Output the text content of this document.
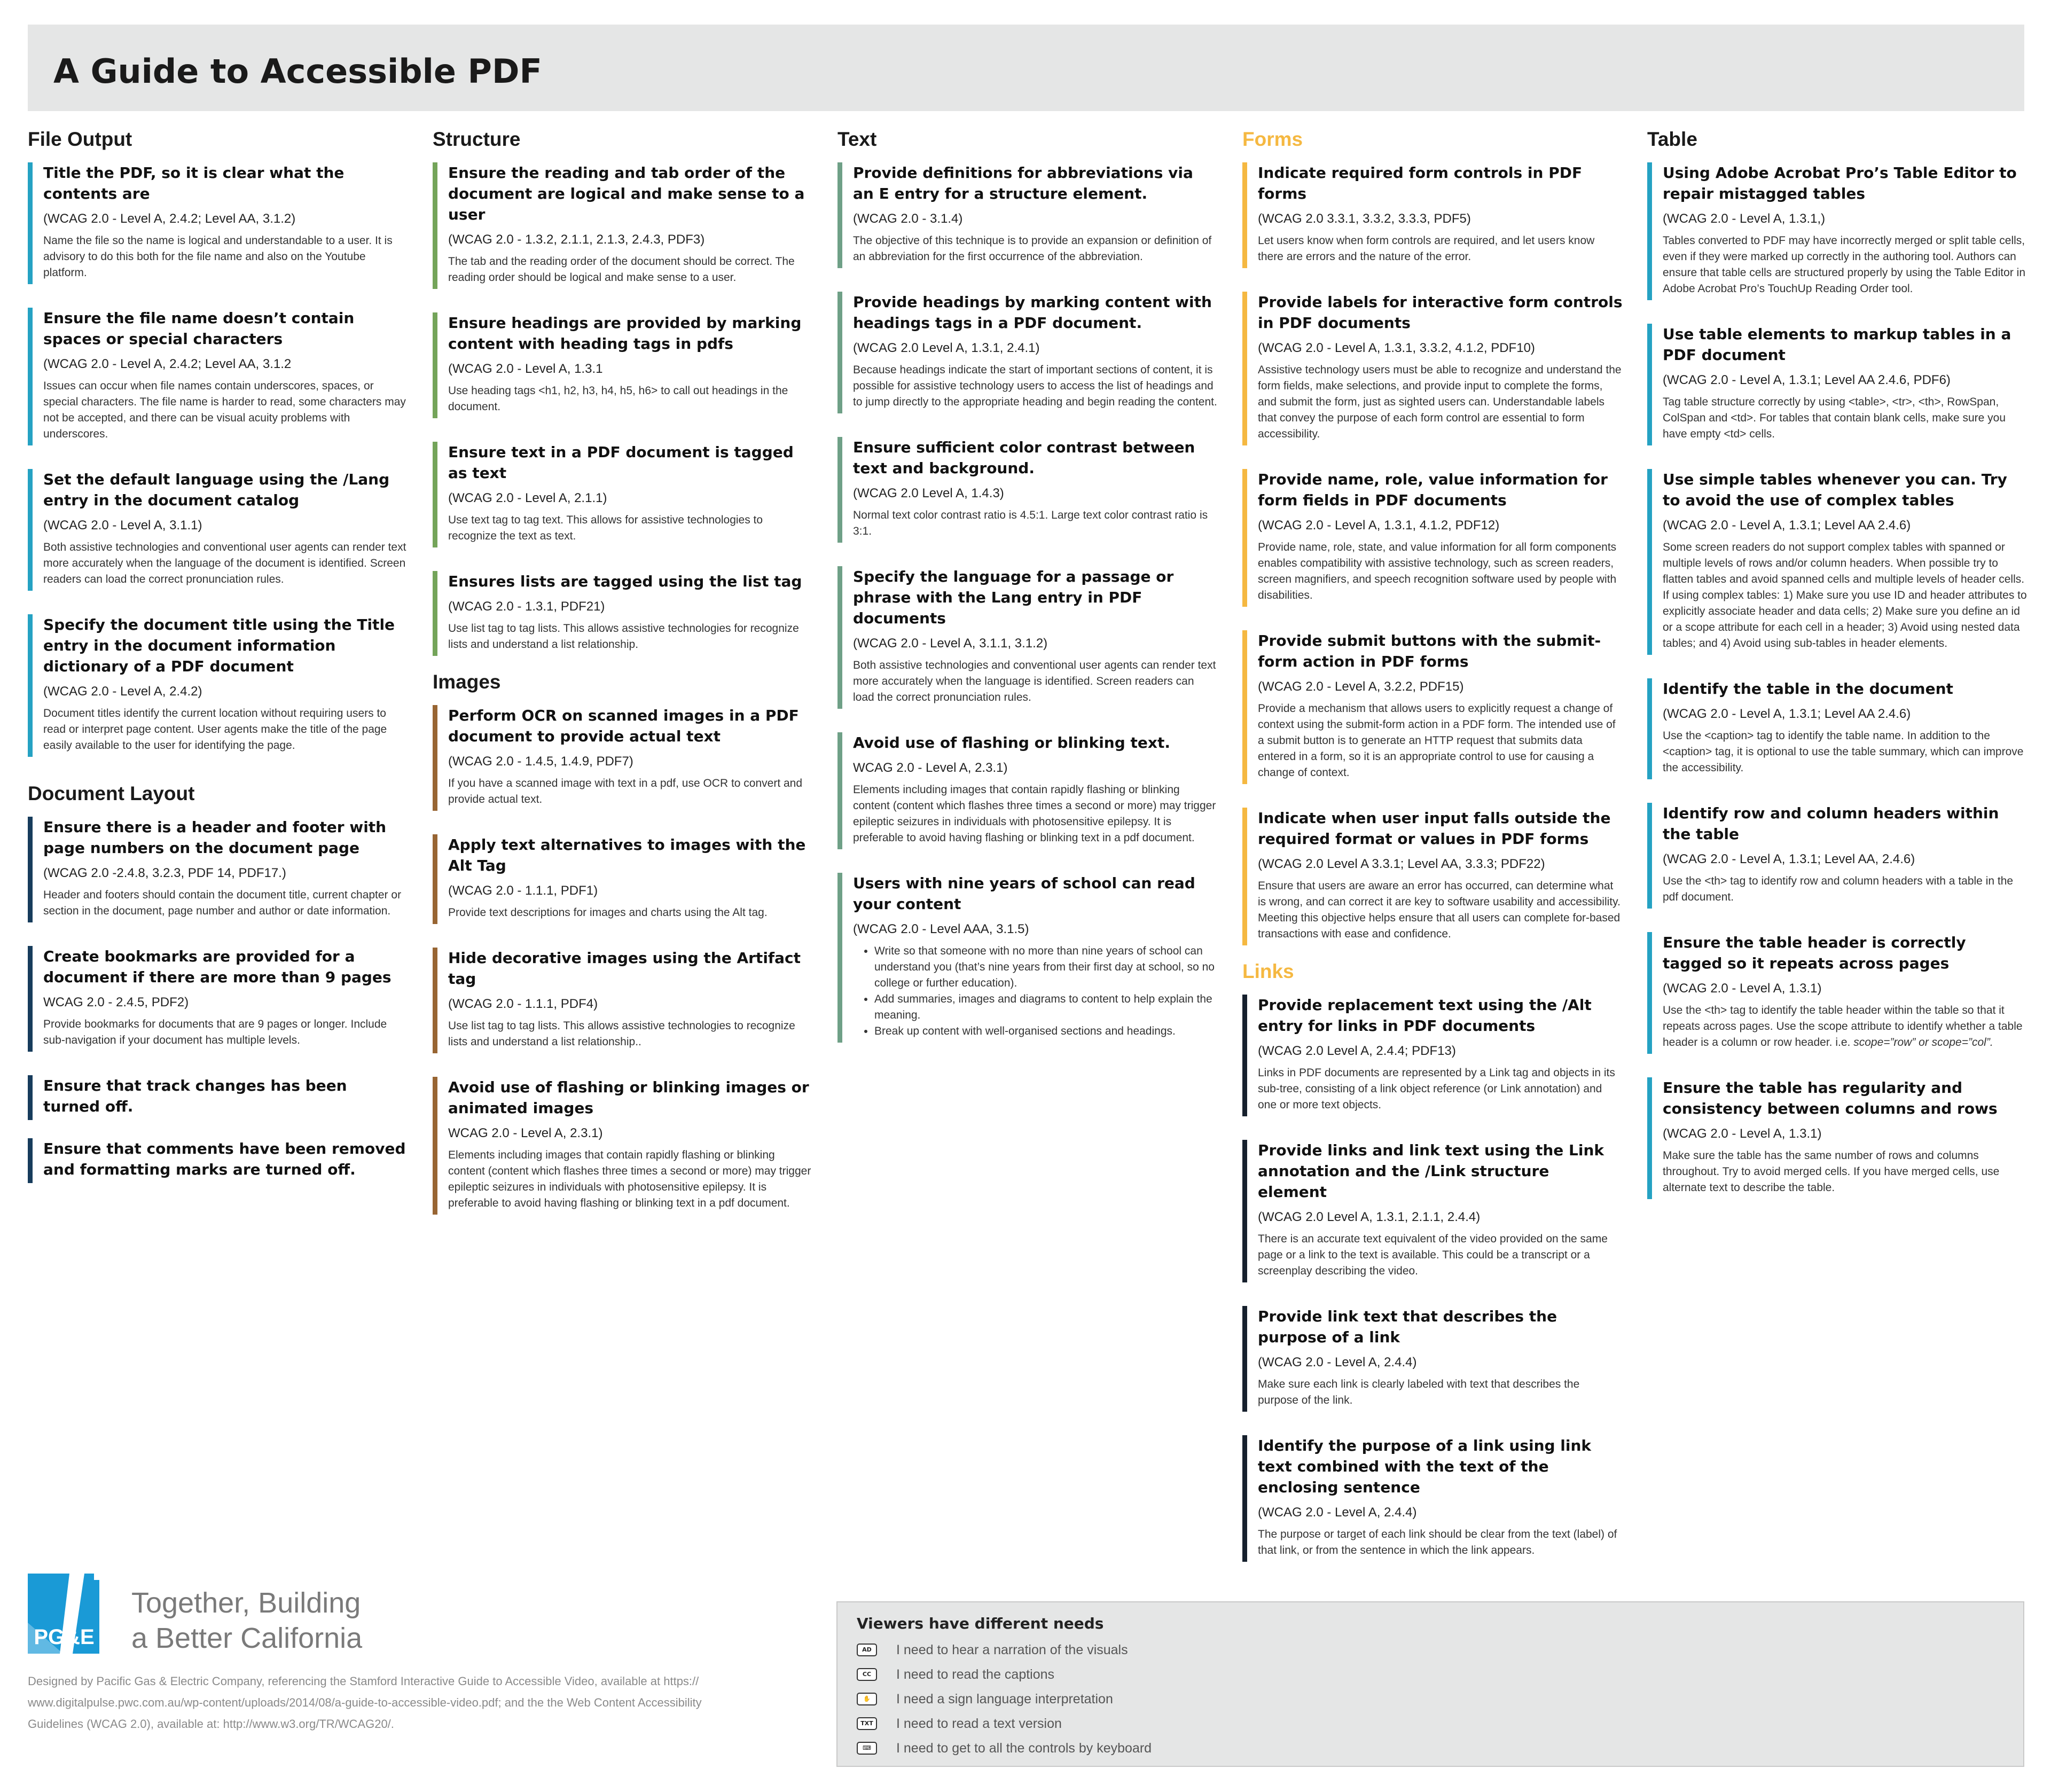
A Guide to Accessible PDF
File Output

Title the PDF, so it is clear what the contents are

(WCAG 2.0 - Level A, 2.4.2; Level AA, 3.1.2)

Name the file so the name is logical and understandable to a user. It is advisory to do this both for the file name and also on the Youtube platform.

Ensure the file name doesn’t contain spaces or special characters

(WCAG 2.0 - Level A, 2.4.2; Level AA, 3.1.2

Issues can occur when file names contain underscores, spaces, or special characters. The file name is harder to read, some characters may not be accepted, and there can be visual acuity problems with underscores.

Set the default language using the /Lang entry in the document catalog

(WCAG 2.0 - Level A, 3.1.1)

Both assistive technologies and conventional user agents can render text more accurately when the language of the document is identified. Screen readers can load the correct pronunciation rules.

Specify the document title using the Title entry in the document information dictionary of a PDF document

(WCAG 2.0 - Level A, 2.4.2)

Document titles identify the current location without requiring users to read or interpret page content. User agents make the title of the page easily available to the user for identifying the page.

Document Layout

Ensure there is a header and footer with page numbers on the document page

(WCAG 2.0 -2.4.8, 3.2.3, PDF 14, PDF17.)

Header and footers should contain the document title, current chapter or section in the document, page number and author or date information.

Create bookmarks are provided for a document if there are more than 9 pages

WCAG 2.0 - 2.4.5, PDF2)

Provide bookmarks for documents that are 9 pages or longer. Include sub-navigation if your document has multiple levels.

Ensure that track changes has been turned off.

Ensure that comments have been removed and formatting marks are turned off.

Structure

Ensure the reading and tab order of the document are logical and make sense to a user

(WCAG 2.0 - 1.3.2, 2.1.1, 2.1.3, 2.4.3, PDF3)

The tab and the reading order of the document should be correct. The reading order should be logical and make sense to a user.

Ensure headings are provided by marking content with heading tags in pdfs

(WCAG 2.0 - Level A, 1.3.1

Use heading tags <h1, h2, h3, h4, h5, h6> to call out headings in the document.

Ensure text in a PDF document is tagged as text

(WCAG 2.0 - Level A, 2.1.1)

Use text tag to tag text. This allows for assistive technologies to recognize the text as text.

Ensures lists are tagged using the list tag

(WCAG 2.0 - 1.3.1, PDF21)

Use list tag to tag lists. This allows assistive technologies for recognize lists and understand a list relationship.

Images

Perform OCR on scanned images in a PDF document to provide actual text

(WCAG 2.0 - 1.4.5, 1.4.9, PDF7)

If you have a scanned image with text in a pdf, use OCR to convert and provide actual text.

Apply text alternatives to images with the Alt Tag

(WCAG 2.0 - 1.1.1, PDF1)

Provide text descriptions for images and charts using the Alt tag.

Hide decorative images using the Artifact tag

(WCAG 2.0 - 1.1.1, PDF4)

Use list tag to tag lists. This allows assistive technologies to recognize lists and understand a list relationship..

Avoid use of flashing or blinking images or animated images

WCAG 2.0 - Level A, 2.3.1)

Elements including images that contain rapidly flashing or blinking content (content which flashes three times a second or more) may trigger epileptic seizures in individuals with photosensitive epilepsy. It is preferable to avoid having flashing or blinking text in a pdf document.

Text

Provide definitions for abbreviations via an E entry for a structure element.

(WCAG 2.0 - 3.1.4)

The objective of this technique is to provide an expansion or definition of an abbreviation for the first occurrence of the abbreviation.

Provide headings by marking content with headings tags in a PDF document.

(WCAG 2.0 Level A, 1.3.1, 2.4.1)

Because headings indicate the start of important sections of content, it is possible for assistive technology users to access the list of headings and to jump directly to the appropriate heading and begin reading the content.

Ensure sufficient color contrast between text and background.

(WCAG 2.0 Level A, 1.4.3)

Normal text color contrast ratio is 4.5:1. Large text color contrast ratio is 3:1.

Specify the language for a passage or phrase with the Lang entry in PDF documents

(WCAG 2.0 - Level A, 3.1.1, 3.1.2)

Both assistive technologies and conventional user agents can render text more accurately when the language is identified. Screen readers can load the correct pronunciation rules.

Avoid use of flashing or blinking text.

WCAG 2.0 - Level A, 2.3.1)

Elements including images that contain rapidly flashing or blinking content (content which flashes three times a second or more) may trigger epileptic seizures in individuals with photosensitive epilepsy. It is preferable to avoid having flashing or blinking text in a pdf document.

Users with nine years of school can read your content

(WCAG 2.0 - Level AAA, 3.1.5)

• Write so that someone with no more than nine years of school can understand you (that’s nine years from their first day at school, so no college or further education).
• Add summaries, images and diagrams to content to help explain the meaning.
• Break up content with well-organised sections and headings.
Forms

Indicate required form controls in PDF forms

(WCAG 2.0 3.3.1, 3.3.2, 3.3.3, PDF5)

Let users know when form controls are required, and let users know there are errors and the nature of the error.

Provide labels for interactive form controls in PDF documents

(WCAG 2.0 - Level A, 1.3.1, 3.3.2, 4.1.2, PDF10)

Assistive technology users must be able to recognize and understand the form fields, make selections, and provide input to complete the forms, and submit the form, just as sighted users can. Understandable labels that convey the purpose of each form control are essential to form accessibility.

Provide name, role, value information for form fields in PDF documents

(WCAG 2.0 - Level A, 1.3.1, 4.1.2, PDF12)

Provide name, role, state, and value information for all form components enables compatibility with assistive technology, such as screen readers, screen magnifiers, and speech recognition software used by people with disabilities.

Provide submit buttons with the submit-form action in PDF forms

(WCAG 2.0 - Level A, 3.2.2, PDF15)

Provide a mechanism that allows users to explicitly request a change of context using the submit-form action in a PDF form. The intended use of a submit button is to generate an HTTP request that submits data entered in a form, so it is an appropriate control to use for causing a change of context.

Indicate when user input falls outside the required format or values in PDF forms

(WCAG 2.0 Level A 3.3.1; Level AA, 3.3.3; PDF22)

Ensure that users are aware an error has occurred, can determine what is wrong, and can correct it are key to software usability and accessibility. Meeting this objective helps ensure that all users can complete for-based transactions with ease and confidence.

Links

Provide replacement text using the /Alt entry for links in PDF documents

(WCAG 2.0 Level A, 2.4.4; PDF13)

Links in PDF documents are represented by a Link tag and objects in its sub-tree, consisting of a link object reference (or Link annotation) and one or more text objects.

Provide links and link text using the Link annotation and the /Link structure element

(WCAG 2.0 Level A, 1.3.1, 2.1.1, 2.4.4)

There is an accurate text equivalent of the video provided on the same page or a link to the text is available. This could be a transcript or a screenplay describing the video.

Provide link text that describes the purpose of a link

(WCAG 2.0 - Level A, 2.4.4)

Make sure each link is clearly labeled with text that describes the purpose of the link.

Identify the purpose of a link using link text combined with the text of the enclosing sentence

(WCAG 2.0 - Level A, 2.4.4)

The purpose or target of each link should be clear from the text (label) of that link, or from the sentence in which the link appears.

Table

Using Adobe Acrobat Pro’s Table Editor to repair mistagged tables

(WCAG 2.0 - Level A, 1.3.1,)

Tables converted to PDF may have incorrectly merged or split table cells, even if they were marked up correctly in the authoring tool. Authors can ensure that table cells are structured properly by using the Table Editor in Adobe Acrobat Pro’s TouchUp Reading Order tool.

Use table elements to markup tables in a PDF document

(WCAG 2.0 - Level A, 1.3.1; Level AA 2.4.6, PDF6)

Tag table structure correctly by using <table>, <tr>, <th>, RowSpan, ColSpan and <td>. For tables that contain blank cells, make sure you have empty <td> cells.

Use simple tables whenever you can. Try to avoid the use of complex tables

(WCAG 2.0 - Level A, 1.3.1; Level AA 2.4.6)

Some screen readers do not support complex tables with spanned or multiple levels of rows and/or column headers. When possible try to flatten tables and avoid spanned cells and multiple levels of header cells. If using complex tables: 1) Make sure you use ID and header attributes to explicitly associate header and data cells; 2) Make sure you define an id or a scope attribute for each cell in a header; 3) Avoid using nested data tables; and 4) Avoid using sub-tables in header elements.

Identify the table in the document

(WCAG 2.0 - Level A, 1.3.1; Level AA 2.4.6)

Use the <caption> tag to identify the table name. In addition to the <caption> tag, it is optional to use the table summary, which can improve the accessibility.

Identify row and column headers within the table

(WCAG 2.0 - Level A, 1.3.1; Level AA, 2.4.6)

Use the <th> tag to identify row and column headers with a table in the pdf document.

Ensure the table header is correctly tagged so it repeats across pages

(WCAG 2.0 - Level A, 1.3.1)

Use the <th> tag to identify the table header within the table so that it repeats across pages. Use the scope attribute to identify whether a table header is a column or row header. i.e. scope=”row” or scope=”col”.

Ensure the table has regularity and consistency between columns and rows

(WCAG 2.0 - Level A, 1.3.1)

Make sure the table has the same number of rows and columns throughout. Try to avoid merged cells. If you have merged cells, use alternate text to describe the table.

PG&E

Together, Building
a Better California

Designed by Pacific Gas & Electric Company, referencing the Stamford Interactive Guide to Accessible Video, available at https://
www.digitalpulse.pwc.com.au/wp-content/uploads/2014/08/a-guide-to-accessible-video.pdf; and the the Web Content Accessibility
Guidelines (WCAG 2.0), available at: http://www.w3.org/TR/WCAG20/.

Viewers have different needs

AD	I need to hear a narration of the visuals

CC	I need to read the captions

✋	I need a sign language interpretation

TXT I need to read a text version

⌨	I need to get to all the controls by keyboard
